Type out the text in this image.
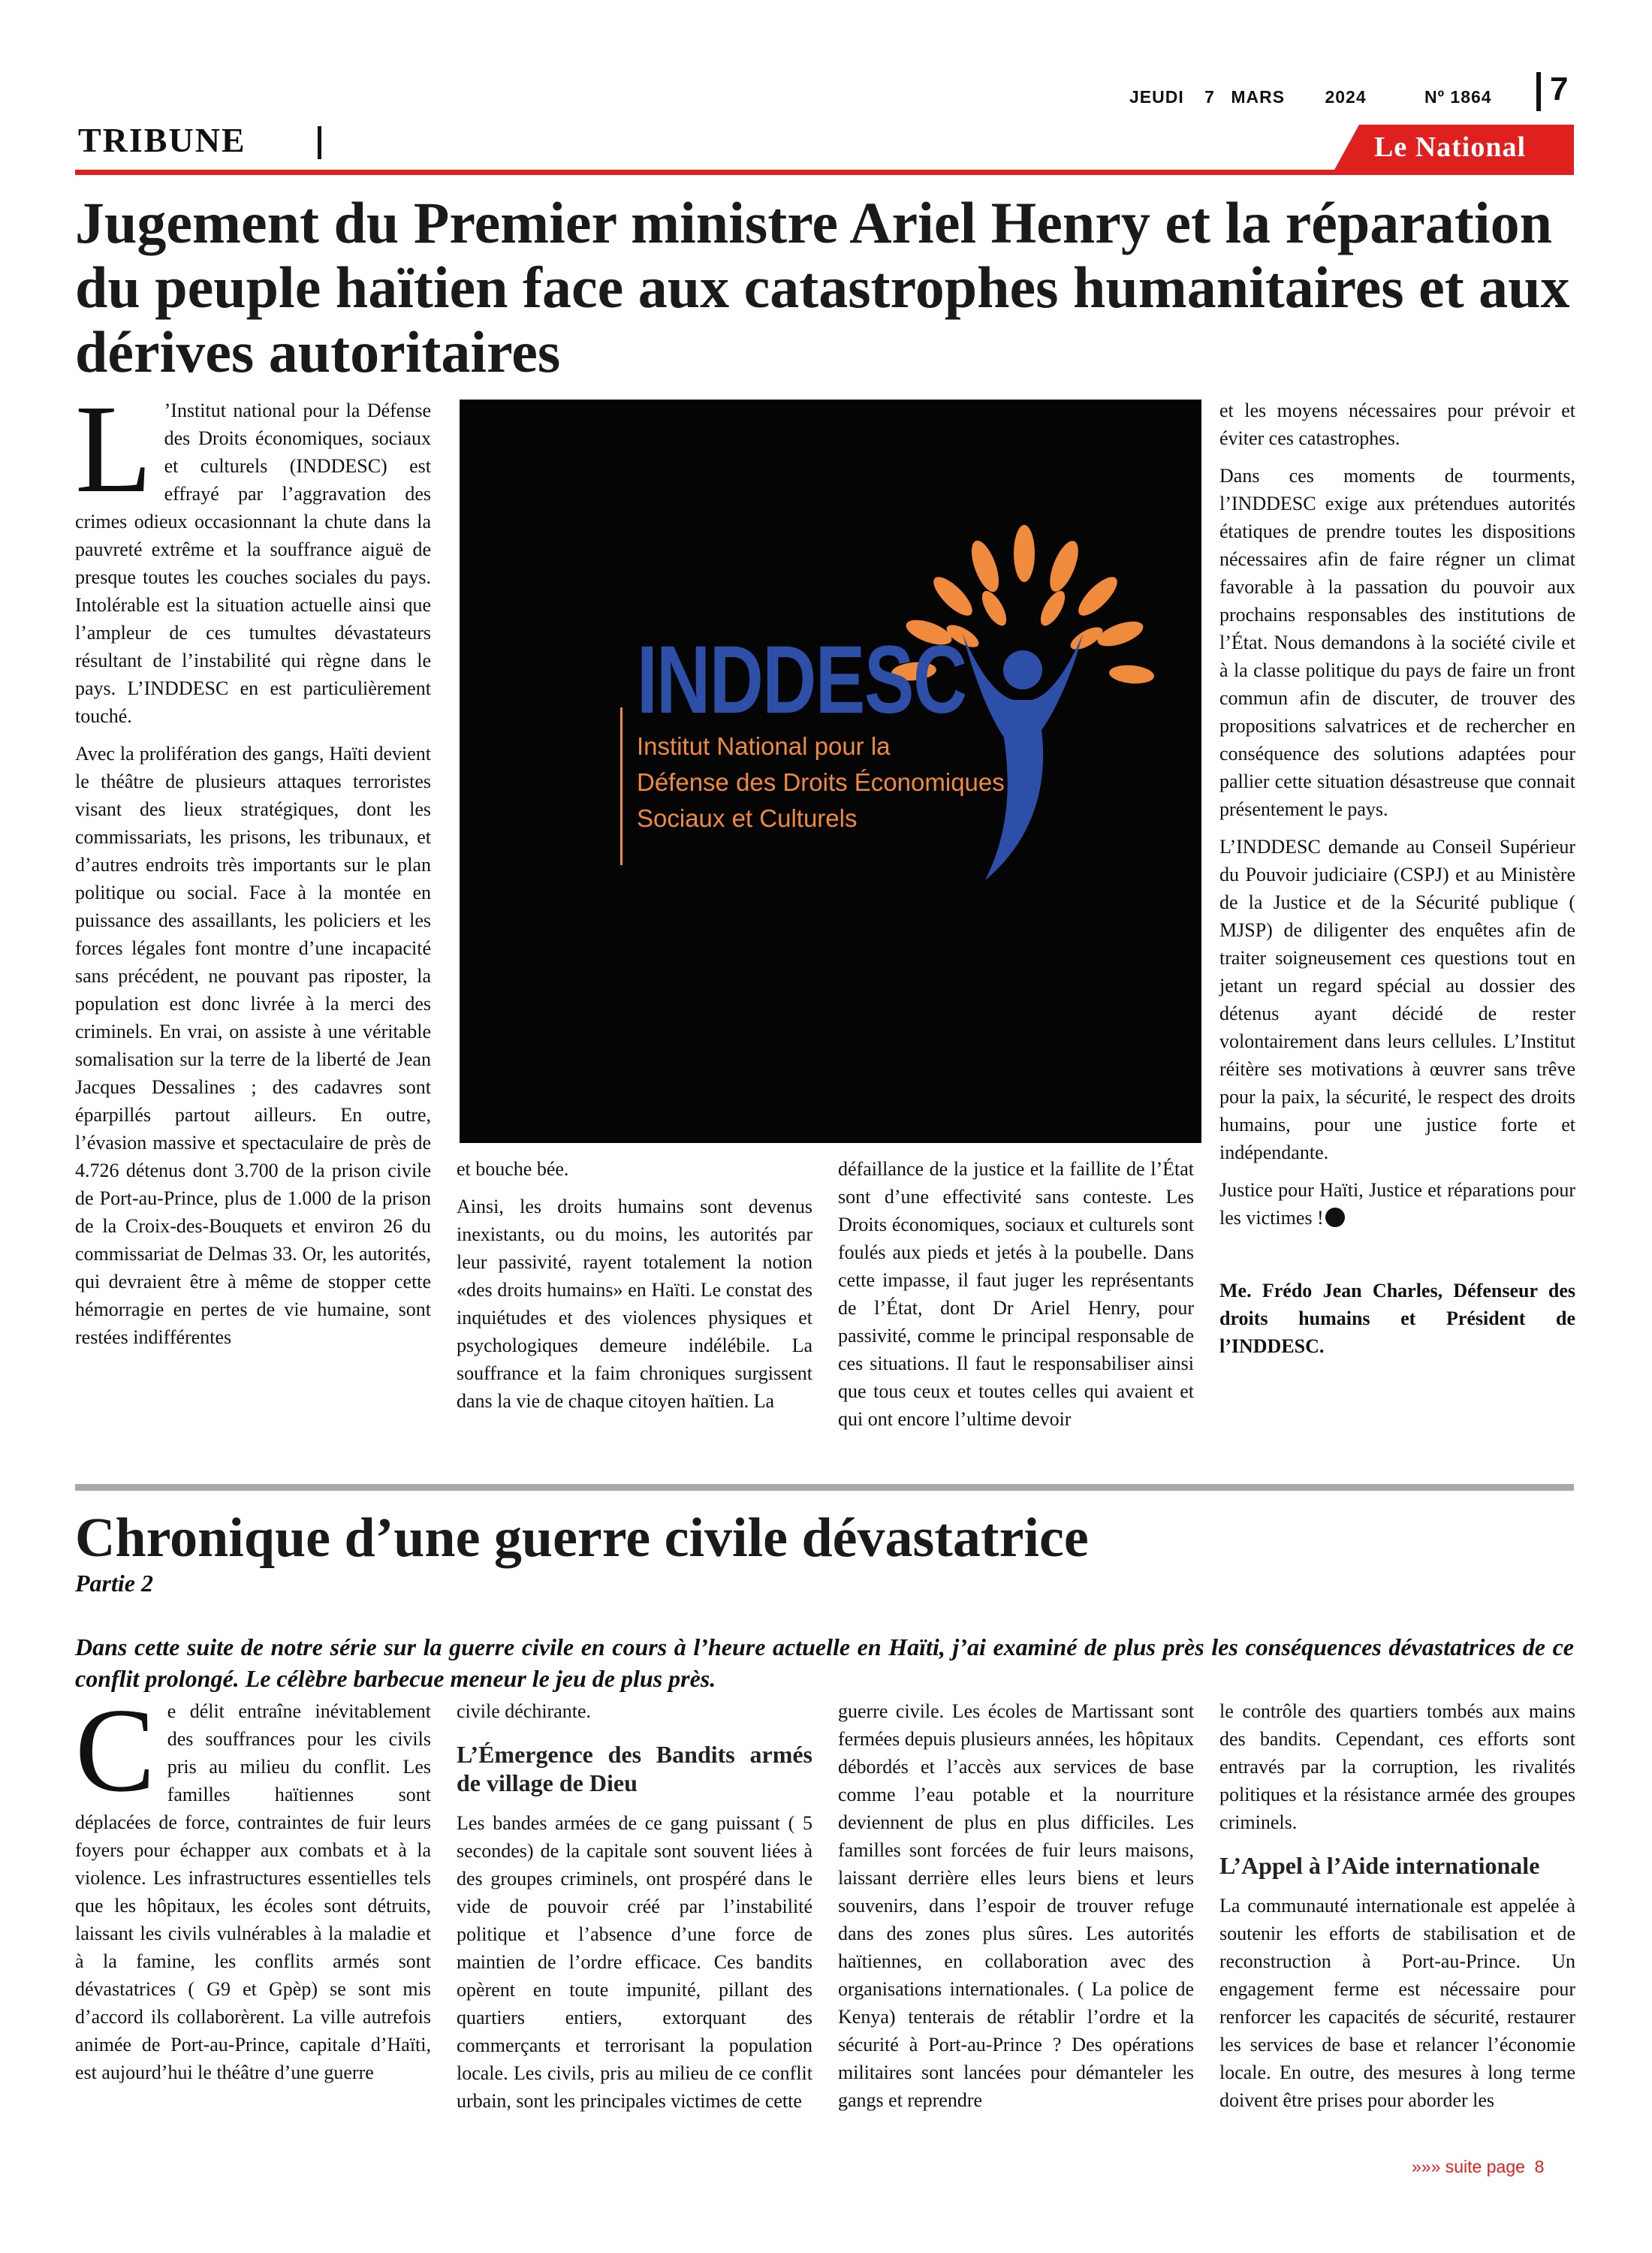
JEUDI 7 MARS 2024	Nº 1864 7
TRIBUNE	Le National
Jugement du Premier ministre Ariel Henry et la réparation du peuple haïtien face aux catastrophes humanitaires et aux dérives autoritaires

L ’Institut national pour la Défense des Droits économiques, sociaux et culturels (INDDESC) est effrayé par l’aggravation des crimes odieux occasionnant la chute dans la pauvreté extrême et la souffrance aiguë de presque toutes les couches sociales du pays. Intolérable est la situation actuelle ainsi que l’ampleur de ces tumultes dévastateurs résultant de l’instabilité qui règne dans le pays. L’INDDESC en est particulièrement touché.

Avec la prolifération des gangs, Haïti devient le théâtre de plusieurs attaques terroristes visant des lieux stratégiques, dont les commissariats, les prisons, les tribunaux, et d’autres endroits très importants sur le plan politique ou social. Face à la montée en puissance des assaillants, les policiers et les forces légales font montre d’une incapacité sans précédent, ne pouvant pas riposter, la population est donc livrée à la merci des criminels. En vrai, on assiste à une véritable somalisation sur la terre de la liberté de Jean Jacques Dessalines ; des cadavres sont éparpillés partout ailleurs. En outre, l’évasion massive et spectaculaire de près de 4.726 détenus dont 3.700 de la prison civile de Port-au-Prince, plus de 1.000 de la prison de la Croix-des-Bouquets et environ 26 du commissariat de Delmas 33. Or, les autorités, qui devraient être à même de stopper cette hémorragie en pertes de vie humaine, sont restées indifférentes

INDDESC
Institut National pour la
Défense des Droits Économiques
Sociaux et Culturels

et bouche bée.

Ainsi, les droits humains sont devenus inexistants, ou du moins, les autorités par leur passivité, rayent totalement la notion «des droits humains» en Haïti. Le constat des inquiétudes et des violences physiques et psychologiques demeure indélébile. La souffrance et la faim chroniques surgissent dans la vie de chaque citoyen haïtien. La

défaillance de la justice et la faillite de l’État sont d’une effectivité sans conteste. Les Droits économiques, sociaux et culturels sont foulés aux pieds et jetés à la poubelle. Dans cette impasse, il faut juger les représentants de l’État, dont Dr Ariel Henry, pour passivité, comme le principal responsable de ces situations. Il faut le responsabiliser ainsi que tous ceux et toutes celles qui avaient et qui ont encore l’ultime devoir

et les moyens nécessaires pour prévoir et éviter ces catastrophes.

Dans ces moments de tourments, l’INDDESC exige aux prétendues autorités étatiques de prendre toutes les dispositions nécessaires afin de faire régner un climat favorable à la passation du pouvoir aux prochains responsables des institutions de l’État. Nous demandons à la société civile et à la classe politique du pays de faire un front commun afin de discuter, de trouver des propositions salvatrices et de rechercher en conséquence des solutions adaptées pour pallier cette situation désastreuse que connait présentement le pays.

L’INDDESC demande au Conseil Supérieur du Pouvoir judiciaire (CSPJ) et au Ministère de la Justice et de la Sécurité publique ( MJSP) de diligenter des enquêtes afin de traiter soigneusement ces questions tout en jetant un regard spécial au dossier des détenus ayant décidé de rester volontairement dans leurs cellules. L’Institut réitère ses motivations à œuvrer sans trêve pour la paix, la sécurité, le respect des droits humains, pour une justice forte et indépendante.

Justice pour Haïti, Justice et réparations pour les victimes !

Me. Frédo Jean Charles, Défenseur des droits humains et Président de l’INDDESC.

Chronique d’une guerre civile dévastatrice
Partie 2
Dans cette suite de notre série sur la guerre civile en cours à l’heure actuelle en Haïti, j’ai examiné de plus près les conséquences dévastatrices de ce conflit prolongé. Le célèbre barbecue meneur le jeu de plus près.

Ce délit entraîne inévitablement des souffrances pour les civils pris au milieu du conflit. Les familles haïtiennes sont déplacées de force, contraintes de fuir leurs foyers pour échapper aux combats et à la violence. Les infrastructures essentielles tels que les hôpitaux, les écoles sont détruits, laissant les civils vulnérables à la maladie et à la famine, les conflits armés sont dévastatrices ( G9 et Gpèp) se sont mis d’accord ils collaborèrent. La ville autrefois animée de Port-au-Prince, capitale d’Haïti, est aujourd’hui le théâtre d’une guerre

civile déchirante.

L’Émergence des Bandits armés de village de Dieu

Les bandes armées de ce gang puissant ( 5 secondes) de la capitale sont souvent liées à des groupes criminels, ont prospéré dans le vide de pouvoir créé par l’instabilité politique et l’absence d’une force de maintien de l’ordre efficace. Ces bandits opèrent en toute impunité, pillant des quartiers entiers, extorquant des commerçants et terrorisant la population locale. Les civils, pris au milieu de ce conflit urbain, sont les principales victimes de cette

guerre civile. Les écoles de Martissant sont fermées depuis plusieurs années, les hôpitaux débordés et l’accès aux services de base comme l’eau potable et la nourriture deviennent de plus en plus difficiles. Les familles sont forcées de fuir leurs maisons, laissant derrière elles leurs biens et leurs souvenirs, dans l’espoir de trouver refuge dans des zones plus sûres. Les autorités haïtiennes, en collaboration avec des organisations internationales. ( La police de Kenya) tenterais de rétablir l’ordre et la sécurité à Port-au-Prince ? Des opérations militaires sont lancées pour démanteler les gangs et reprendre

le contrôle des quartiers tombés aux mains des bandits. Cependant, ces efforts sont entravés par la corruption, les rivalités politiques et la résistance armée des groupes criminels.

L’Appel à l’Aide internationale

La communauté internationale est appelée à soutenir les efforts de stabilisation et de reconstruction à Port-au-Prince. Un engagement ferme est nécessaire pour renforcer les capacités de sécurité, restaurer les services de base et relancer l’économie locale. En outre, des mesures à long terme doivent être prises pour aborder les

»»» suite page  8
